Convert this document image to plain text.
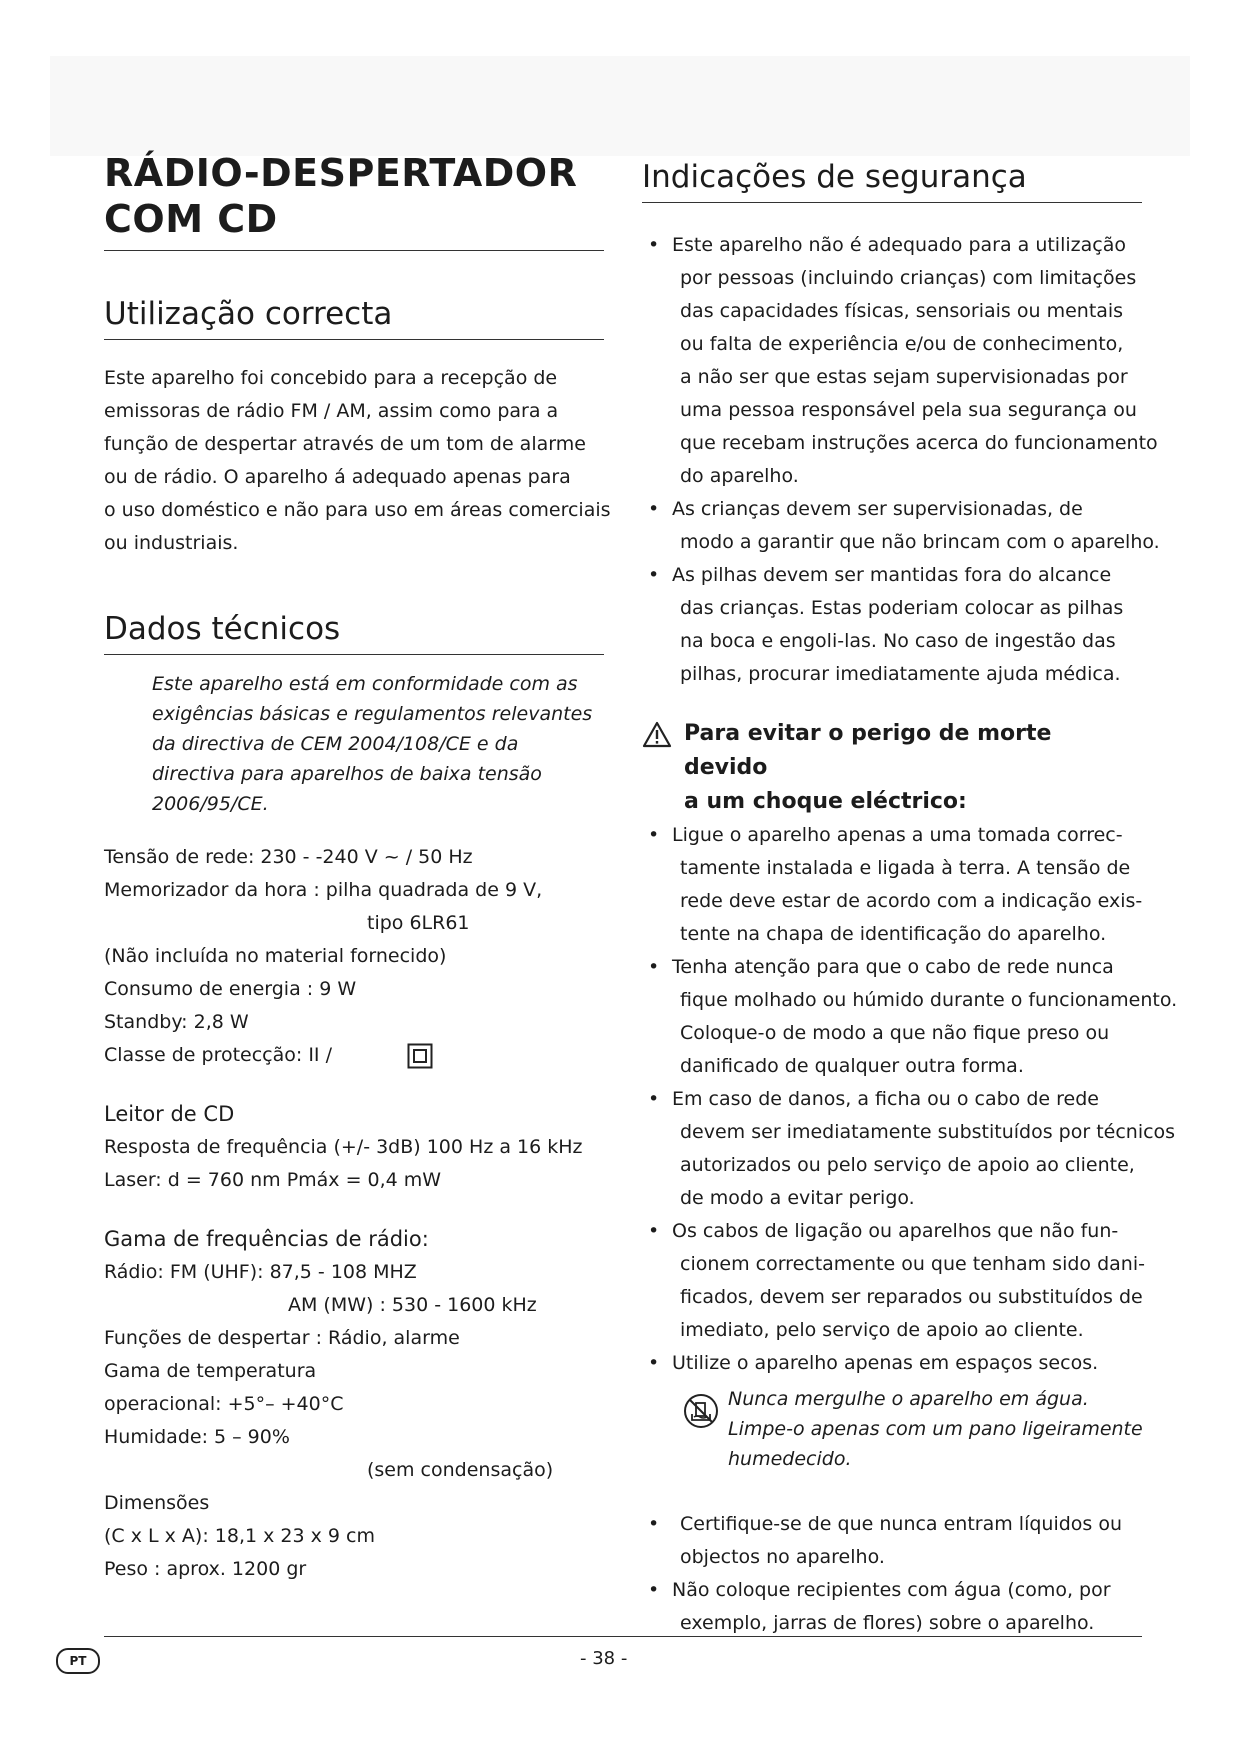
RÁDIO-DESPERTADOR
COM CD
Utilização correcta
Este aparelho foi concebido para a recepção de
emissoras de rádio FM / AM, assim como para a
função de despertar através de um tom de alarme
ou de rádio. O aparelho á adequado apenas para
o uso doméstico e não para uso em áreas comerciais
ou industriais.
Dados técnicos
Este aparelho está em conformidade com as
exigências básicas e regulamentos relevantes
da directiva de CEM 2004/108/CE e da
directiva para aparelhos de baixa tensão
2006/95/CE.
Tensão de rede: 230 - -240 V ~ / 50 Hz
Memorizador da hora : pilha quadrada de 9 V,
tipo 6LR61
(Não incluída no material fornecido)
Consumo de energia : 9 W
Standby: 2,8 W
Classe de protecção: II /
Leitor de CD
Resposta de frequência (+/- 3dB) 100 Hz a 16 kHz
Laser: d = 760 nm Pmáx = 0,4 mW
Gama de frequências de rádio:
Rádio: FM (UHF): 87,5 - 108 MHZ
AM (MW) : 530 - 1600 kHz
Funções de despertar : Rádio, alarme
Gama de temperatura
operacional: +5°– +40°C
Humidade: 5 – 90%
(sem condensação)
Dimensões
(C x L x A): 18,1 x 23 x 9 cm
Peso : aprox. 1200 gr
Indicações de segurança
• Este aparelho não é adequado para a utilização
por pessoas (incluindo crianças) com limitações
das capacidades físicas, sensoriais ou mentais
ou falta de experiência e/ou de conhecimento,
a não ser que estas sejam supervisionadas por
uma pessoa responsável pela sua segurança ou
que recebam instruções acerca do funcionamento
do aparelho.
• As crianças devem ser supervisionadas, de
modo a garantir que não brincam com o aparelho.
• As pilhas devem ser mantidas fora do alcance
das crianças. Estas poderiam colocar as pilhas
na boca e engoli-las. No caso de ingestão das
pilhas, procurar imediatamente ajuda médica.
Para evitar o perigo de morte devido
a um choque eléctrico:
• Ligue o aparelho apenas a uma tomada correc-
tamente instalada e ligada à terra. A tensão de
rede deve estar de acordo com a indicação exis-
tente na chapa de identificação do aparelho.
• Tenha atenção para que o cabo de rede nunca
fique molhado ou húmido durante o funcionamento.
Coloque-o de modo a que não fique preso ou
danificado de qualquer outra forma.
• Em caso de danos, a ficha ou o cabo de rede
devem ser imediatamente substituídos por técnicos
autorizados ou pelo serviço de apoio ao cliente,
de modo a evitar perigo.
• Os cabos de ligação ou aparelhos que não fun-
cionem correctamente ou que tenham sido dani-
ficados, devem ser reparados ou substituídos de
imediato, pelo serviço de apoio ao cliente.
• Utilize o aparelho apenas em espaços secos.
Nunca mergulhe o aparelho em água.
Limpe-o apenas com um pano ligeiramente
humedecido.
•	Certifique-se de que nunca entram líquidos ou
objectos no aparelho.
• Não coloque recipientes com água (como, por
exemplo, jarras de flores) sobre o aparelho.
PT	- 38 -
